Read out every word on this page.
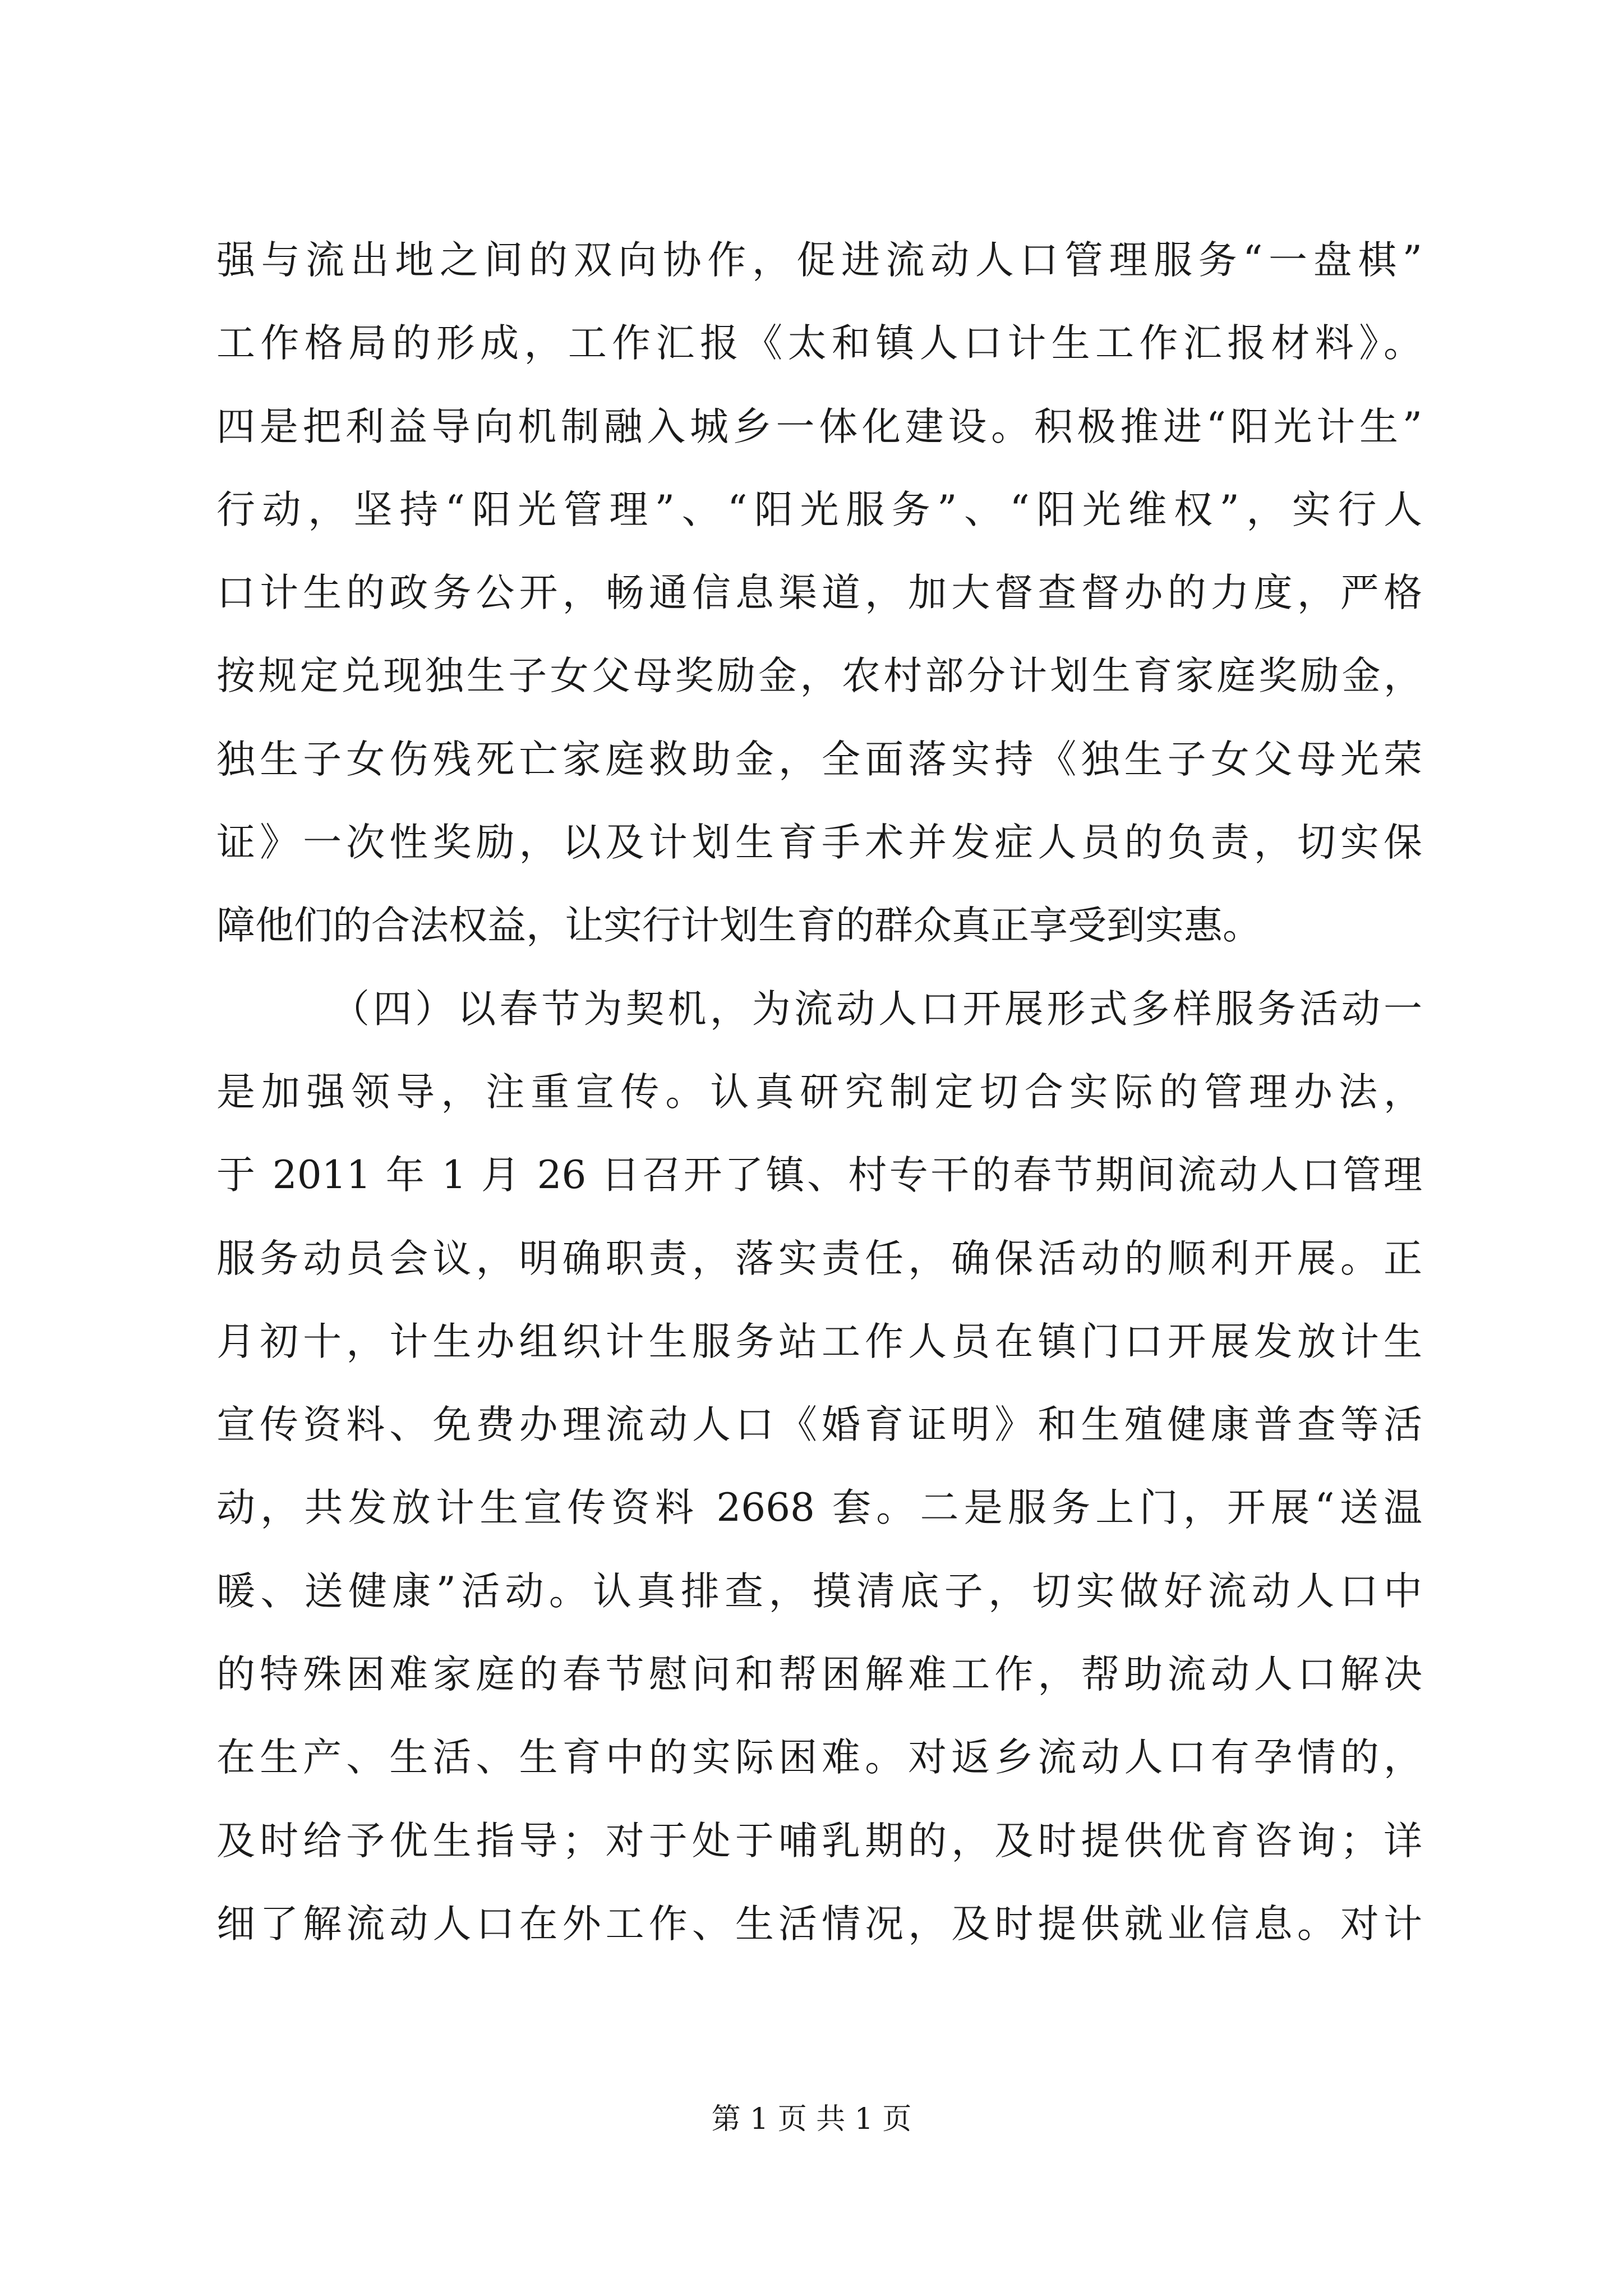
强与流出地之间的双向协作，促进流动人口管理服务“一盘棋”
工作格局的形成，工作汇报《太和镇人口计生工作汇报材料》。
四是把利益导向机制融入城乡一体化建设。积极推进“阳光计生”
行动，坚持“阳光管理”、“阳光服务”、“阳光维权”，实行人
口计生的政务公开，畅通信息渠道，加大督查督办的力度，严格
按规定兑现独生子女父母奖励金，农村部分计划生育家庭奖励金，
独生子女伤残死亡家庭救助金，全面落实持《独生子女父母光荣
证》一次性奖励，以及计划生育手术并发症人员的负责，切实保
障他们的合法权益，让实行计划生育的群众真正享受到实惠。
（四）以春节为契机，为流动人口开展形式多样服务活动一
是加强领导，注重宣传。认真研究制定切合实际的管理办法，
于 2011 年 1 月 26 日召开了镇、村专干的春节期间流动人口管理
服务动员会议，明确职责，落实责任，确保活动的顺利开展。正
月初十，计生办组织计生服务站工作人员在镇门口开展发放计生
宣传资料、免费办理流动人口《婚育证明》和生殖健康普查等活
动，共发放计生宣传资料 2668 套。二是服务上门，开展“送温
暖、送健康”活动。认真排查，摸清底子，切实做好流动人口中
的特殊困难家庭的春节慰问和帮困解难工作，帮助流动人口解决
在生产、生活、生育中的实际困难。对返乡流动人口有孕情的，
及时给予优生指导；对于处于哺乳期的，及时提供优育咨询；详
细了解流动人口在外工作、生活情况，及时提供就业信息。对计
第 1 页 共 1 页
